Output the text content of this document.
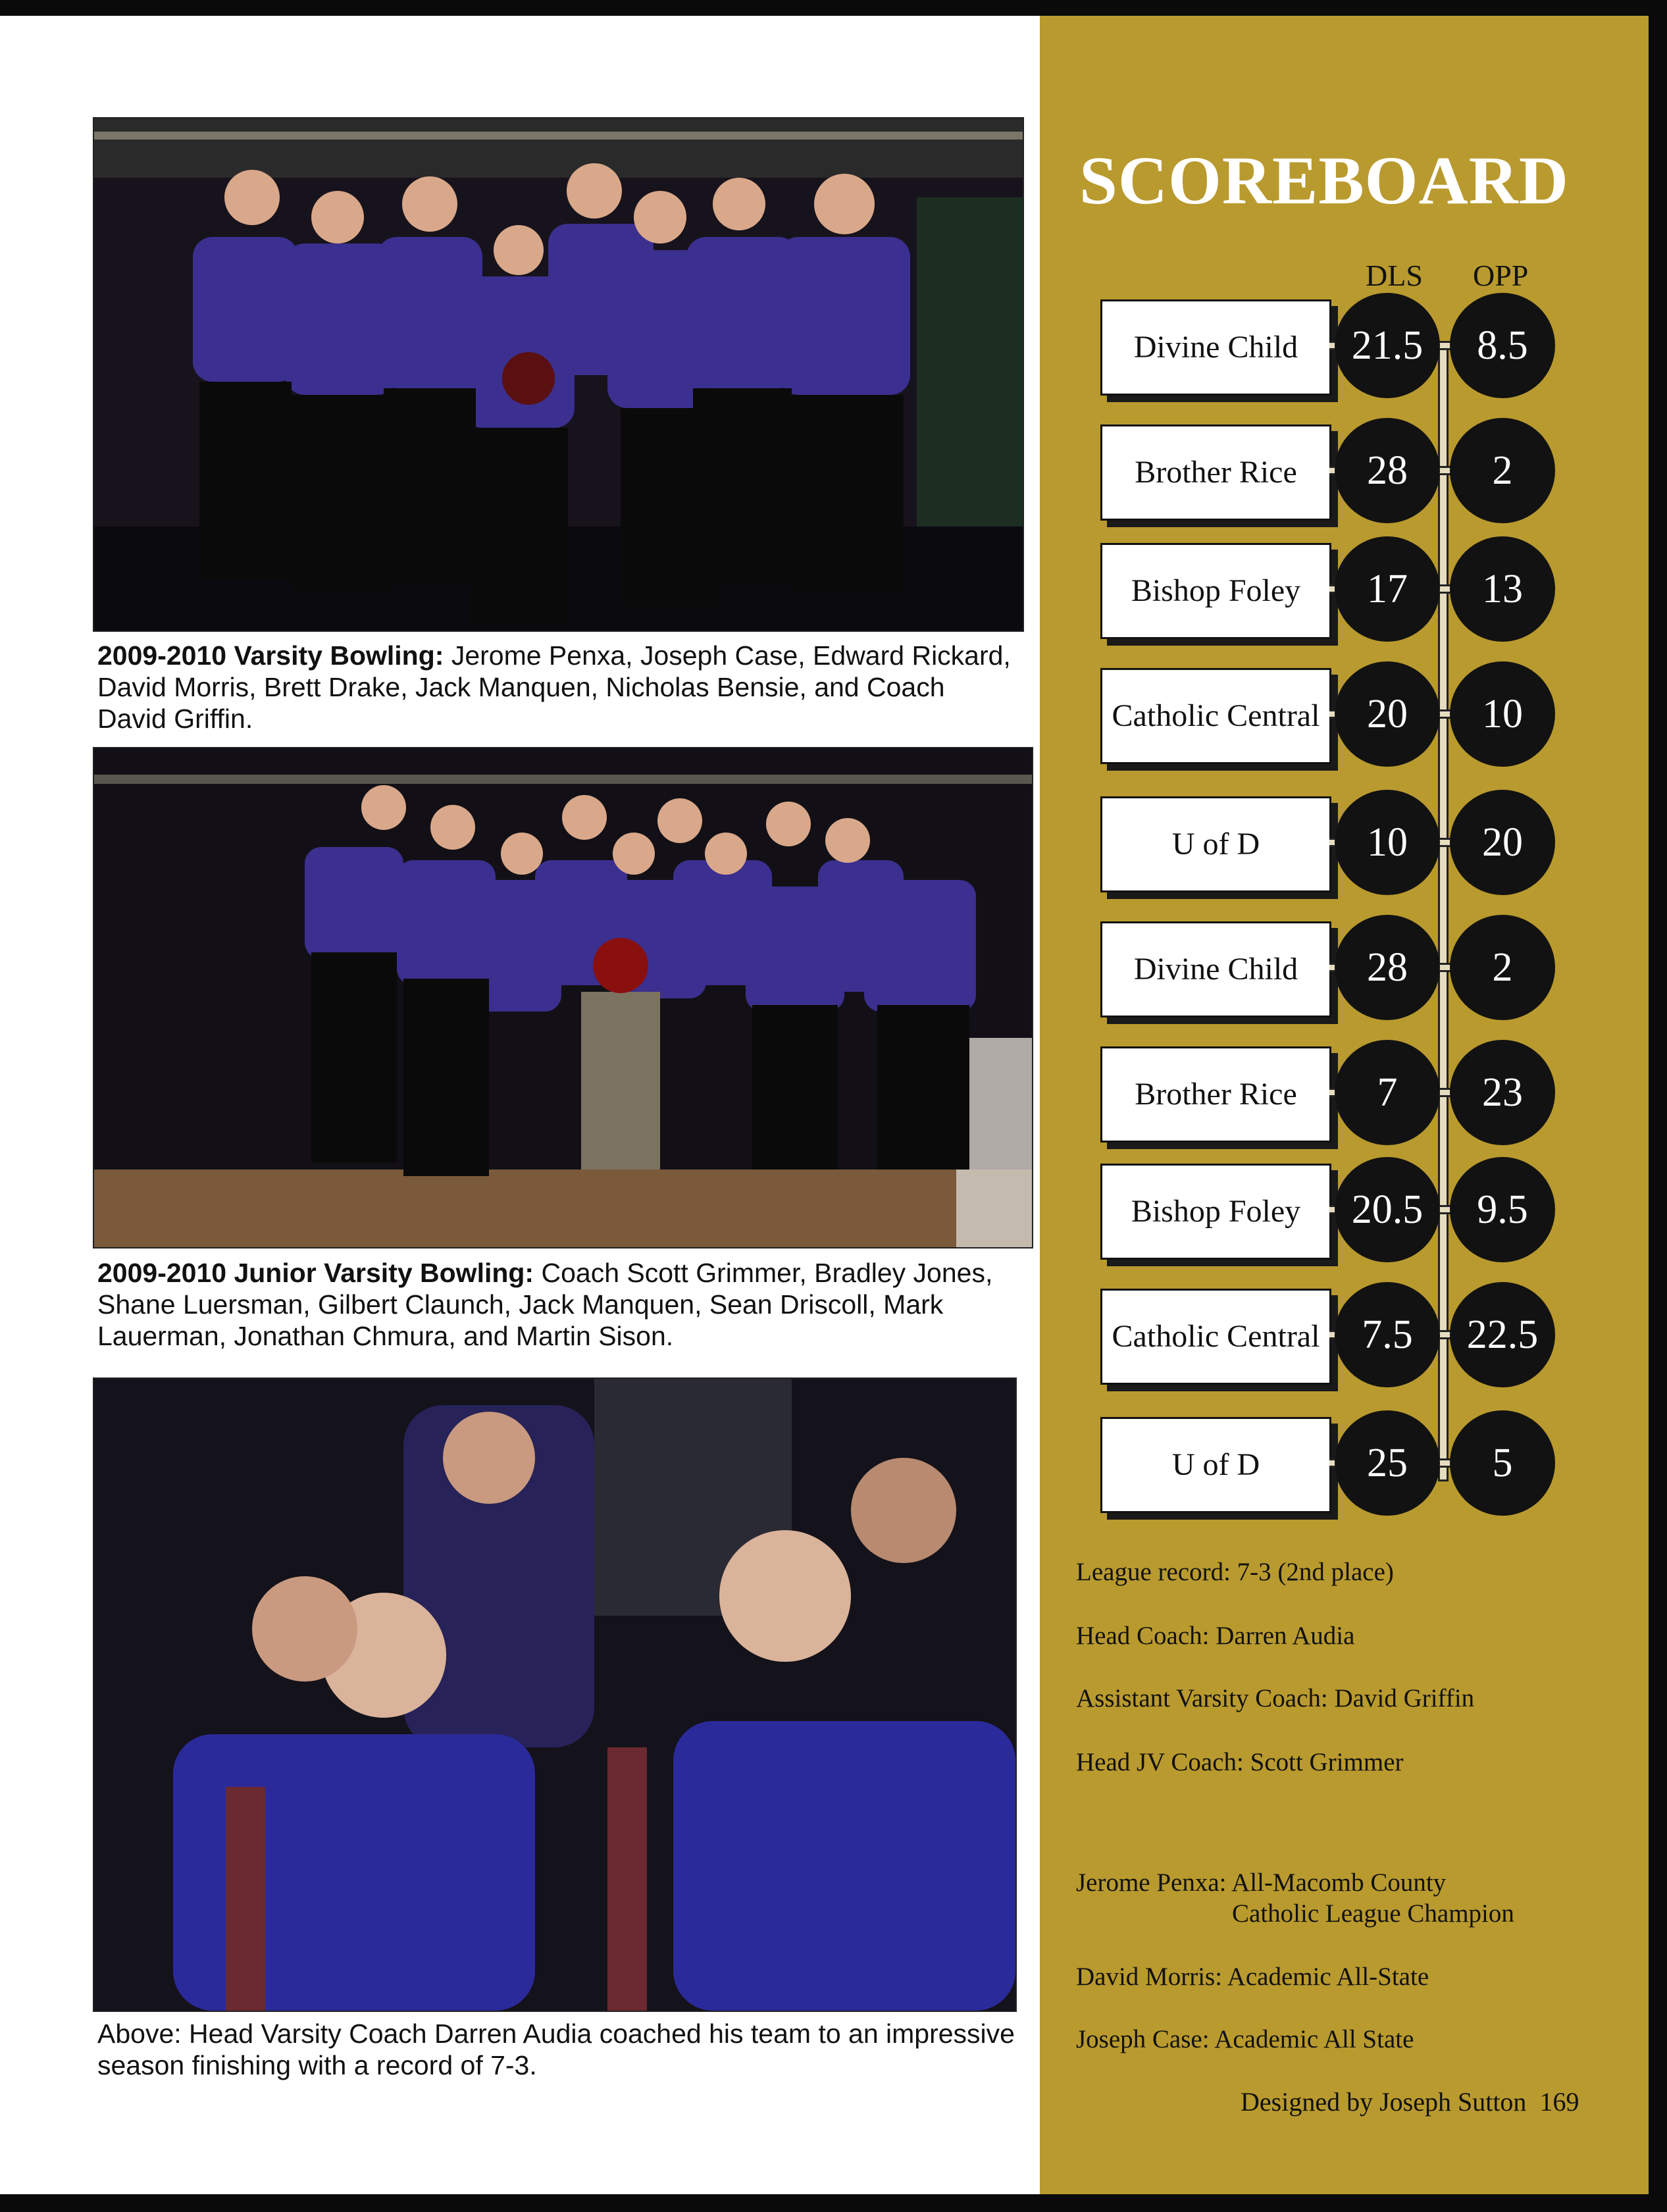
2009-2010 Varsity Bowling: Jerome Penxa, Joseph Case, Edward Rickard, David Morris, Brett Drake, Jack Manquen, Nicholas Bensie, and Coach David Griffin.
2009-2010 Junior Varsity Bowling: Coach Scott Grimmer, Bradley Jones, Shane Luersman, Gilbert Claunch, Jack Manquen, Sean Driscoll, Mark Lauerman, Jonathan Chmura, and Martin Sison.
Above: Head Varsity Coach Darren Audia coached his team to an impressive season finishing with a record of 7-3.
SCOREBOARD
DLS OPP
Divine Child	21.5	8.5
Brother Rice	28	2
Bishop Foley	17	13
Catholic Central	20	10
U of D	10	20
Divine Child	28	2
Brother Rice	7	23
Bishop Foley	20.5	9.5
Catholic Central	7.5	22.5
U of D	25	5
League record: 7-3 (2nd place)
Head Coach: Darren Audia
Assistant Varsity Coach: David Griffin
Head JV Coach: Scott Grimmer
Jerome Penxa: All-Macomb County
Catholic League Champion
David Morris: Academic All-State
Joseph Case: Academic All State
Designed by Joseph Sutton 169
